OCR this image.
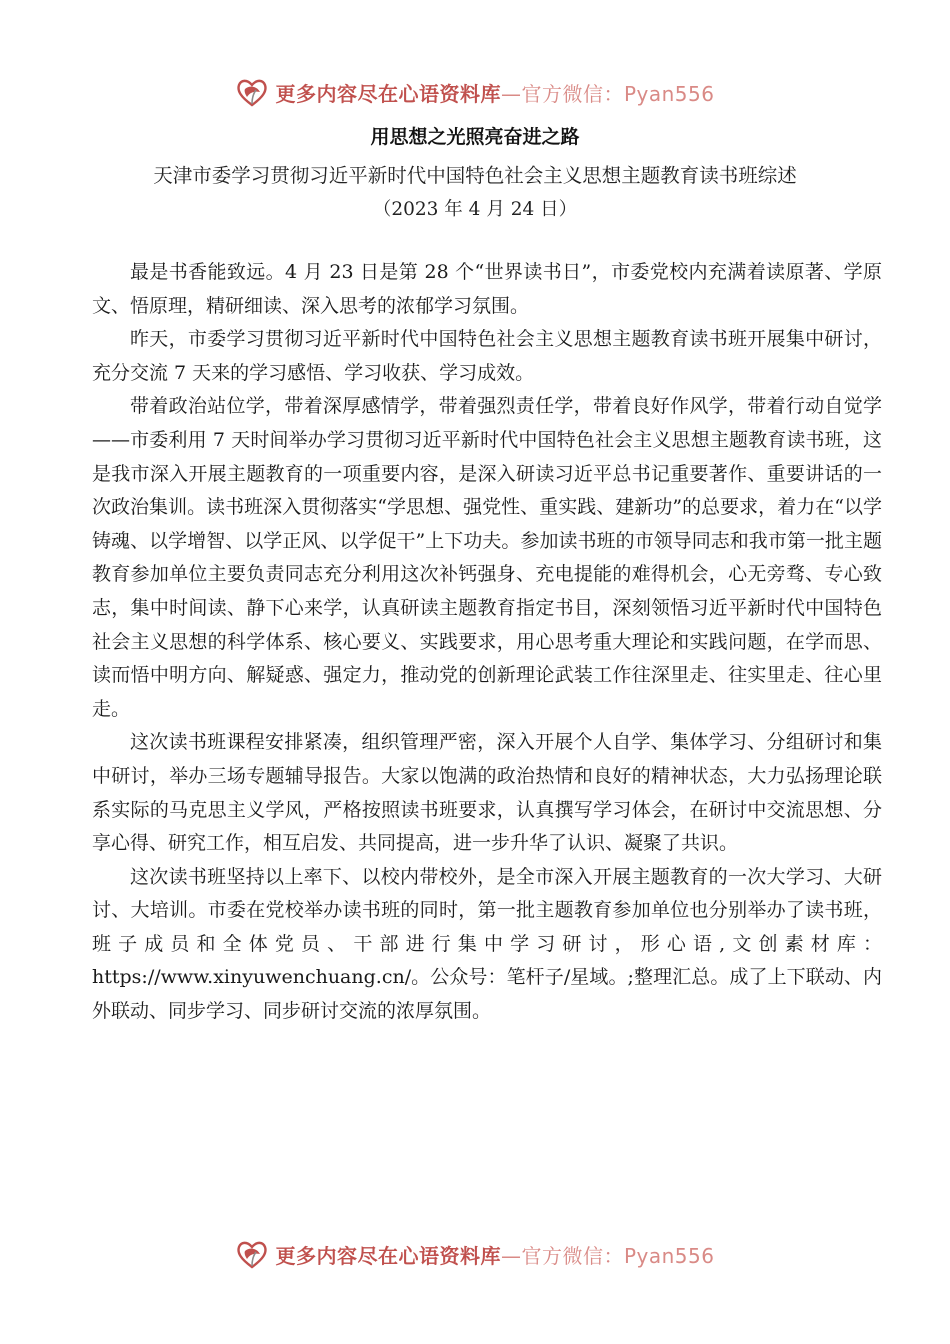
更多内容尽在心语资料库—官方微信：Pyan556
用思想之光照亮奋进之路
天津市委学习贯彻习近平新时代中国特色社会主义思想主题教育读书班综述
（2023 年 4 月 24 日）

最是书香能致远。4 月 23 日是第 28 个“世界读书日”，市委党校内充满着读原著、学原文、悟原理，精研细读、深入思考的浓郁学习氛围。

昨天，市委学习贯彻习近平新时代中国特色社会主义思想主题教育读书班开展集中研讨，充分交流 7 天来的学习感悟、学习收获、学习成效。

带着政治站位学，带着深厚感情学，带着强烈责任学，带着良好作风学，带着行动自觉学——市委利用 7 天时间举办学习贯彻习近平新时代中国特色社会主义思想主题教育读书班，这是我市深入开展主题教育的一项重要内容，是深入研读习近平总书记重要著作、重要讲话的一次政治集训。读书班深入贯彻落实“学思想、强党性、重实践、建新功”的总要求，着力在“以学铸魂、以学增智、以学正风、以学促干”上下功夫。参加读书班的市领导同志和我市第一批主题教育参加单位主要负责同志充分利用这次补钙强身、充电提能的难得机会，心无旁骛、专心致志，集中时间读、静下心来学，认真研读主题教育指定书目，深刻领悟习近平新时代中国特色社会主义思想的科学体系、核心要义、实践要求，用心思考重大理论和实践问题，在学而思、读而悟中明方向、解疑惑、强定力，推动党的创新理论武装工作往深里走、往实里走、往心里走。

这次读书班课程安排紧凑，组织管理严密，深入开展个人自学、集体学习、分组研讨和集中研讨，举办三场专题辅导报告。大家以饱满的政治热情和良好的精神状态，大力弘扬理论联系实际的马克思主义学风，严格按照读书班要求，认真撰写学习体会，在研讨中交流思想、分享心得、研究工作，相互启发、共同提高，进一步升华了认识、凝聚了共识。

这次读书班坚持以上率下、以校内带校外，是全市深入开展主题教育的一次大学习、大研讨、大培训。市委在党校举办读书班的同时，第一批主题教育参加单位也分别举办了读书班，班子成员和全体党员、干部进行集中学习研讨，形心语,文创素材库：https://www.xinyuwenchuang.cn/。公众号：笔杆子/星域。;整理汇总。成了上下联动、内外联动、同步学习、同步研讨交流的浓厚氛围。

更多内容尽在心语资料库—官方微信：Pyan556
